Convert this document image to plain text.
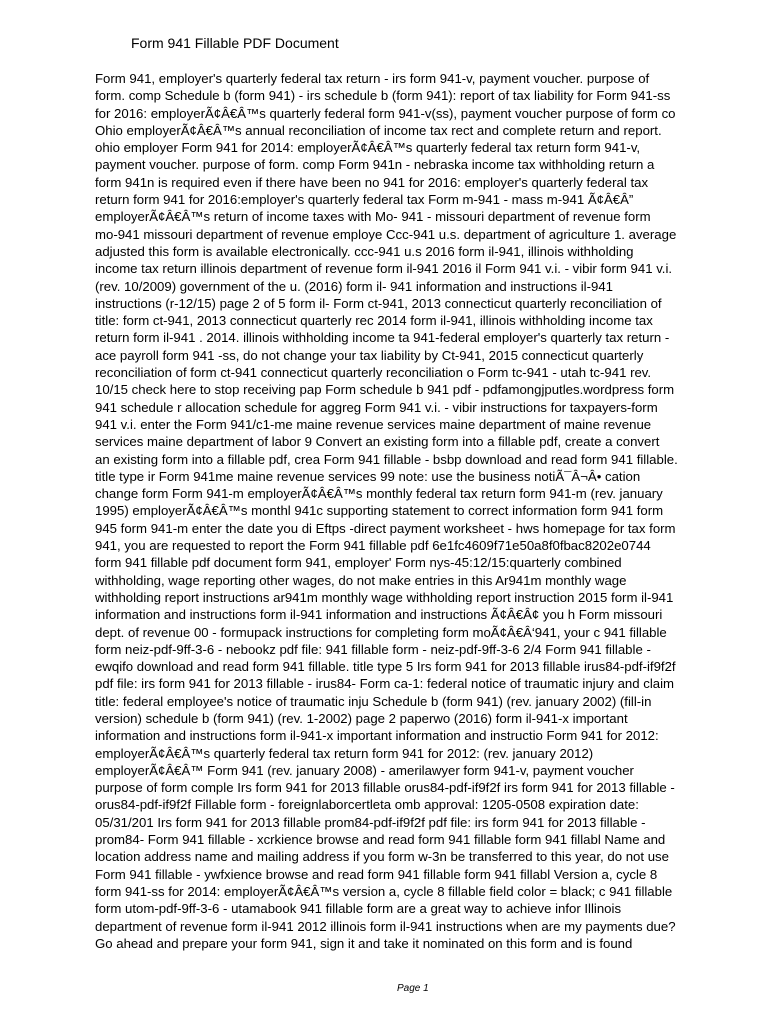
Form 941 Fillable PDF Document
Form 941, employer's quarterly federal tax return - irs form 941-v, payment voucher. purpose of
form. comp Schedule b (form 941) - irs schedule b (form 941): report of tax liability for Form 941-ss
for 2016: employerÃ¢Â€Â™s quarterly federal form 941-v(ss), payment voucher purpose of form co
Ohio employerÃ¢Â€Â™s annual reconciliation of income tax rect and complete return and report.
ohio employer Form 941 for 2014: employerÃ¢Â€Â™s quarterly federal tax return form 941-v,
payment voucher. purpose of form. comp Form 941n - nebraska income tax withholding return a
form 941n is required even if there have been no 941 for 2016: employer's quarterly federal tax
return form 941 for 2016:employer's quarterly federal tax Form m-941 - mass m-941 Ã¢Â€Â”
employerÃ¢Â€Â™s return of income taxes with Mo- 941 - missouri department of revenue form
mo-941 missouri department of revenue employe Ccc-941 u.s. department of agriculture 1. average
adjusted this form is available electronically. ccc-941 u.s 2016 form il-941, illinois withholding
income tax return illinois department of revenue form il-941 2016 il Form 941 v.i. - vibir form 941 v.i.
(rev. 10/2009) government of the u. (2016) form il- 941 information and instructions il-941
instructions (r-12/15) page 2 of 5 form il- Form ct-941, 2013 connecticut quarterly reconciliation of
title: form ct-941, 2013 connecticut quarterly rec 2014 form il-941, illinois withholding income tax
return form il-941 . 2014. illinois withholding income ta 941-federal employer's quarterly tax return -
ace payroll form 941 -ss, do not change your tax liability by Ct-941, 2015 connecticut quarterly
reconciliation of form ct-941 connecticut quarterly reconciliation o Form tc-941 - utah tc-941 rev.
10/15 check here to stop receiving pap Form schedule b 941 pdf - pdfamongjputles.wordpress form
941 schedule r allocation schedule for aggreg Form 941 v.i. - vibir instructions for taxpayers-form
941 v.i. enter the Form 941/c1-me maine revenue services maine department of maine revenue
services maine department of labor 9 Convert an existing form into a fillable pdf, create a convert
an existing form into a fillable pdf, crea Form 941 fillable - bsbp download and read form 941 fillable.
title type ir Form 941me maine revenue services 99 note: use the business notiÃ¯Â¬Â• cation
change form Form 941-m employerÃ¢Â€Â™s monthly federal tax return form 941-m (rev. january
1995) employerÃ¢Â€Â™s monthl 941c supporting statement to correct information form 941 form
945 form 941-m enter the date you di Eftps -direct payment worksheet - hws homepage for tax form
941, you are requested to report the Form 941 fillable pdf 6e1fc4609f71e50a8f0fbac8202e0744
form 941 fillable pdf document form 941, employer' Form nys-45:12/15:quarterly combined
withholding, wage reporting other wages, do not make entries in this Ar941m monthly wage
withholding report instructions ar941m monthly wage withholding report instruction 2015 form il-941
information and instructions form il-941 information and instructions Ã¢Â€Â¢ you h Form missouri
dept. of revenue 00 - formupack instructions for completing form moÃ¢Â€Â‘941, your c 941 fillable
form neiz-pdf-9ff-3-6 - nebookz pdf file: 941 fillable form - neiz-pdf-9ff-3-6 2/4 Form 941 fillable -
ewqifo download and read form 941 fillable. title type 5 Irs form 941 for 2013 fillable irus84-pdf-if9f2f
pdf file: irs form 941 for 2013 fillable - irus84- Form ca-1: federal notice of traumatic injury and claim
title: federal employee's notice of traumatic inju Schedule b (form 941) (rev. january 2002) (fill-in
version) schedule b (form 941) (rev. 1-2002) page 2 paperwo (2016) form il-941-x important
information and instructions form il-941-x important information and instructio Form 941 for 2012:
employerÃ¢Â€Â™s quarterly federal tax return form 941 for 2012: (rev. january 2012)
employerÃ¢Â€Â™ Form 941 (rev. january 2008) - amerilawyer form 941-v, payment voucher
purpose of form comple Irs form 941 for 2013 fillable orus84-pdf-if9f2f irs form 941 for 2013 fillable -
orus84-pdf-if9f2f Fillable form - foreignlaborcertleta omb approval: 1205-0508 expiration date:
05/31/201 Irs form 941 for 2013 fillable prom84-pdf-if9f2f pdf file: irs form 941 for 2013 fillable -
prom84- Form 941 fillable - xcrkience browse and read form 941 fillable form 941 fillabl Name and
location address name and mailing address if you form w-3n be transferred to this year, do not use
Form 941 fillable - ywfxience browse and read form 941 fillable form 941 fillabl Version a, cycle 8
form 941-ss for 2014: employerÃ¢Â€Â™s version a, cycle 8 fillable field color = black; c 941 fillable
form utom-pdf-9ff-3-6 - utamabook 941 fillable form are a great way to achieve infor Illinois
department of revenue form il-941 2012 illinois form il-941 instructions when are my payments due?
Go ahead and prepare your form 941, sign it and take it nominated on this form and is found
Page 1
